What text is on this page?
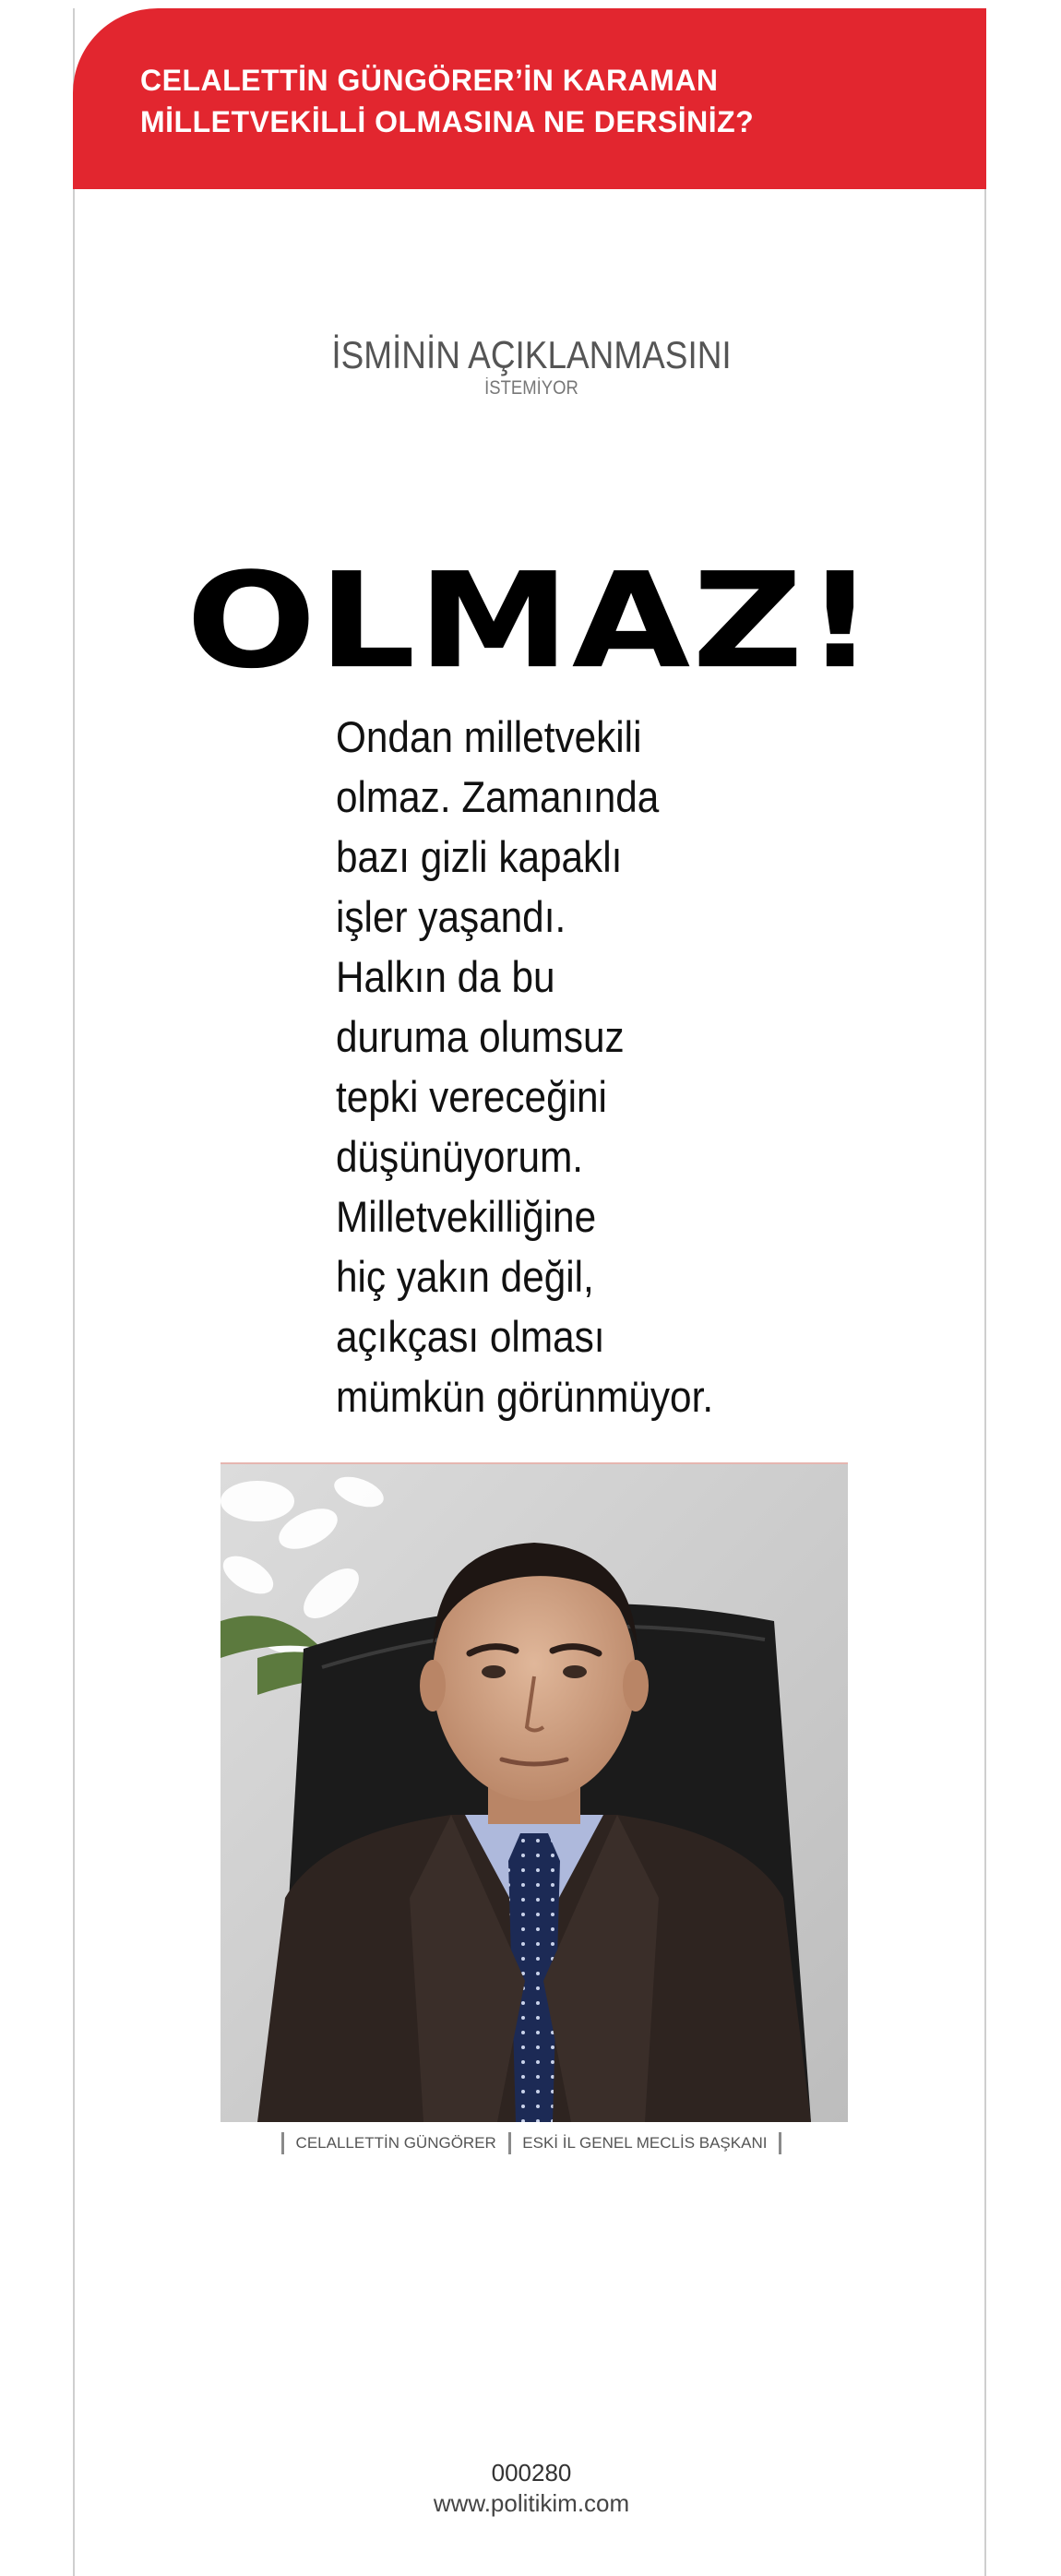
CELALETTİN GÜNGÖRER’İN KARAMAN
MİLLETVEKİLLİ OLMASINA NE DERSİNİZ?
İSMİNİN AÇIKLANMASINI
İSTEMİYOR
OLMAZ!
Ondan milletvekili
olmaz. Zamanında
bazı gizli kapaklı
işler yaşandı.
Halkın da bu
duruma olumsuz
tepki vereceğini
düşünüyorum.
Milletvekilliğine
hiç yakın değil,
açıkçası olması
mümkün görünmüyor.
CELALLETTİN GÜNGÖRER ESKİ İL GENEL MECLİS BAŞKANI
000280
www.politikim.com
